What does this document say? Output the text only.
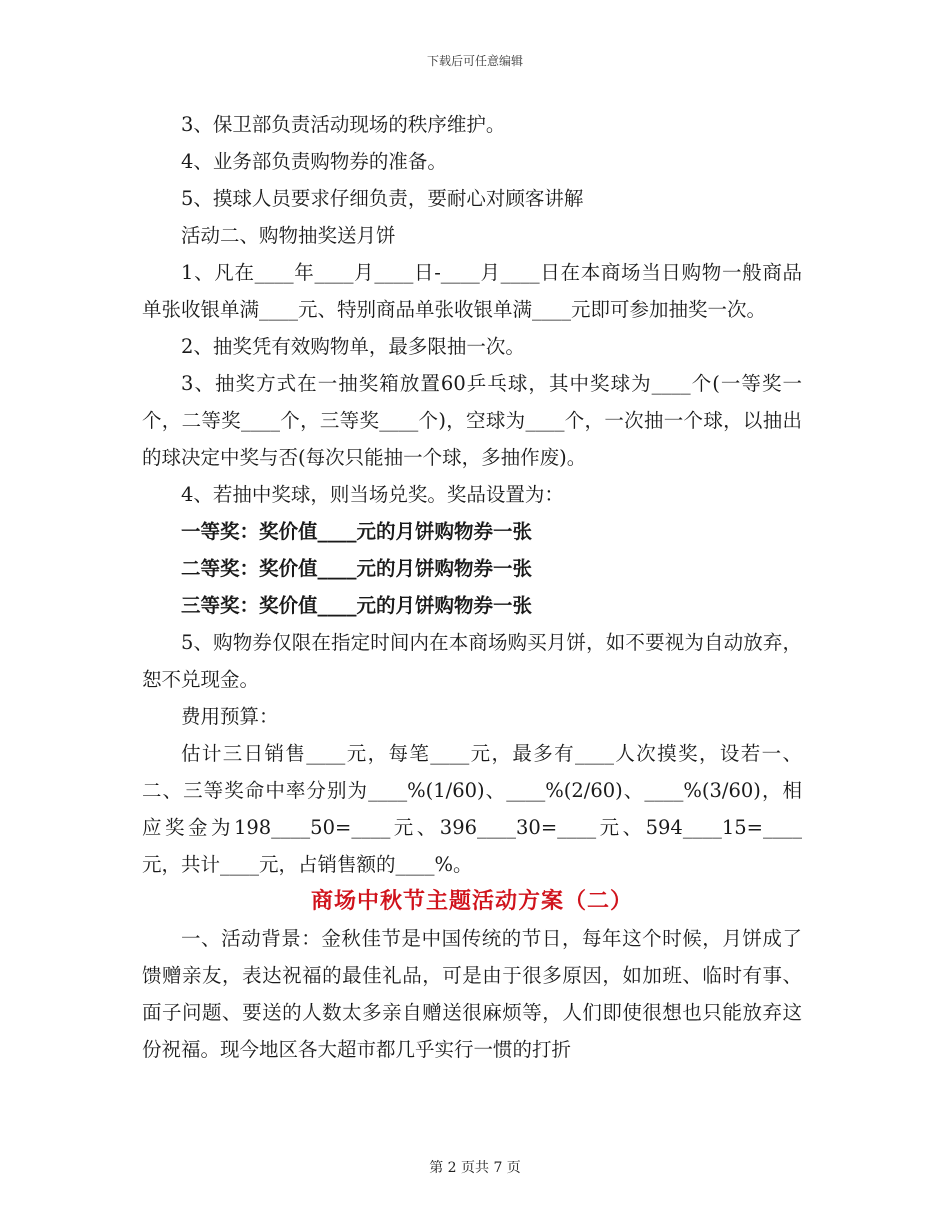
下载后可任意编辑

3、保卫部负责活动现场的秩序维护。

4、业务部负责购物券的准备。

5、摸球人员要求仔细负责，要耐心对顾客讲解

活动二、购物抽奖送月饼

1、凡在____年____月____日-____月____日在本商场当日购物一般商品单张收银单满____元、特别商品单张收银单满____元即可参加抽奖一次。

2、抽奖凭有效购物单，最多限抽一次。

3、抽奖方式在一抽奖箱放置60乒乓球，其中奖球为____个(一等奖一个，二等奖____个，三等奖____个)，空球为____个，一次抽一个球，以抽出的球决定中奖与否(每次只能抽一个球，多抽作废)。

4、若抽中奖球，则当场兑奖。奖品设置为：

一等奖：奖价值____元的月饼购物券一张

二等奖：奖价值____元的月饼购物券一张

三等奖：奖价值____元的月饼购物券一张

5、购物券仅限在指定时间内在本商场购买月饼，如不要视为自动放弃，恕不兑现金。

费用预算：

估计三日销售____元，每笔____元，最多有____人次摸奖，设若一、二、三等奖命中率分别为____%(1/60)、____%(2/60)、____%(3/60)，相应奖金为198____50=____元、396____30=____元、594____15=____元，共计____元，占销售额的____%。

商场中秋节主题活动方案（二）

一、活动背景：金秋佳节是中国传统的节日，每年这个时候，月饼成了馈赠亲友，表达祝福的最佳礼品，可是由于很多原因，如加班、临时有事、面子问题、要送的人数太多亲自赠送很麻烦等，人们即使很想也只能放弃这份祝福。现今地区各大超市都几乎实行一惯的打折

第 2 页共 7 页
